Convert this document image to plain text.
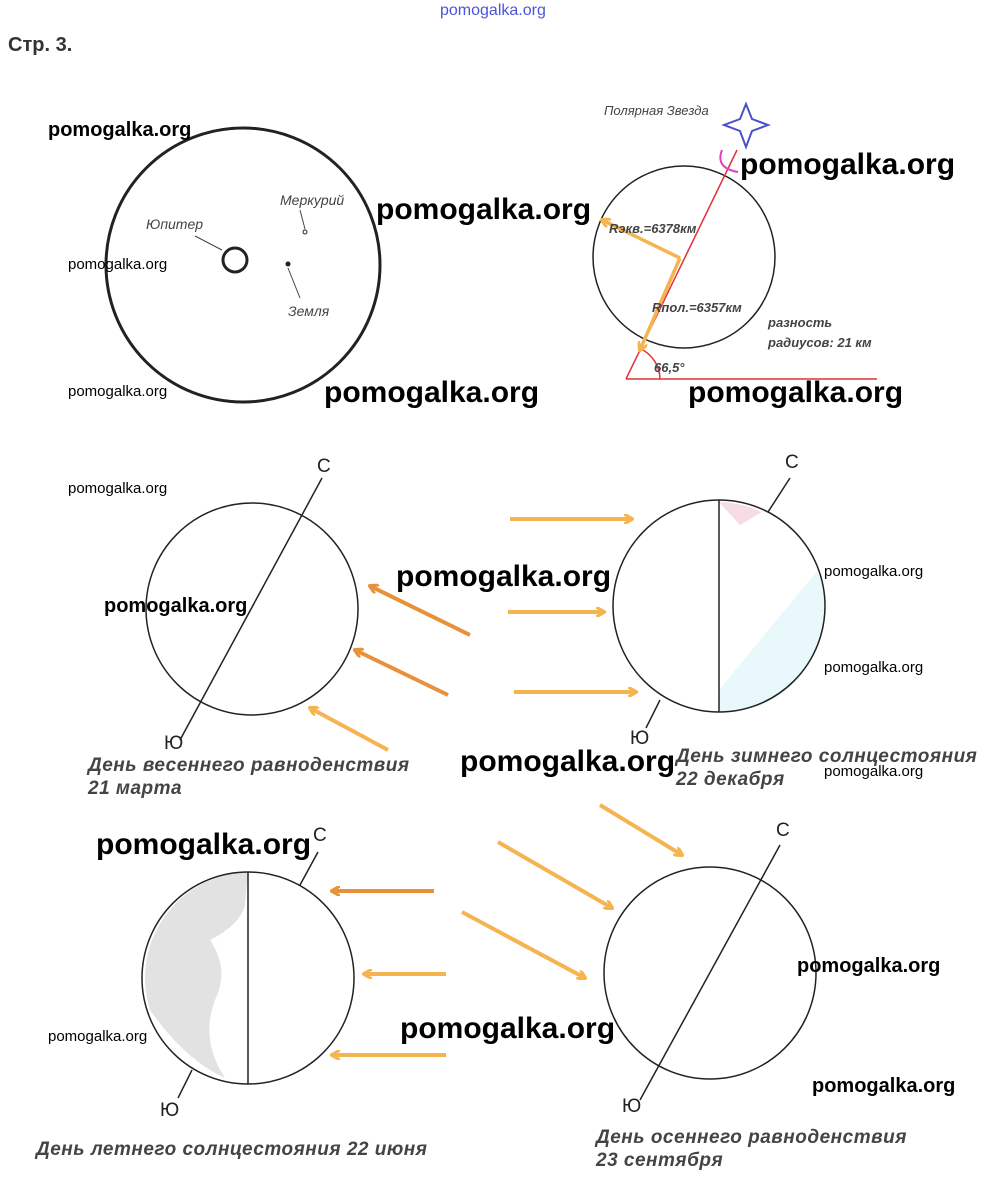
pomogalka.org
Стр. 3.
Юпитер
Меркурий
Земля
Полярная Звезда
Rэкв.=6378км
Rпол.=6357км
разность
радиусов: 21 км
66,5°
С
Ю
С
Ю
С
Ю
С
Ю
День весеннего равноденствия
21 марта
День зимнего солнцестояния
22 декабря
День летнего солнцестояния 22 июня
День осеннего равноденствия
23 сентября
pomogalka.org
pomogalka.org
pomogalka.org
pomogalka.org
pomogalka.org
pomogalka.org	pomogalka.org
pomogalka.org
pomogalka.org
pomogalka.org
pomogalka.org
pomogalka.org
pomogalka.org	pomogalka.org
pomogalka.org
pomogalka.org
pomogalka.org	pomogalka.org
pomogalka.org
